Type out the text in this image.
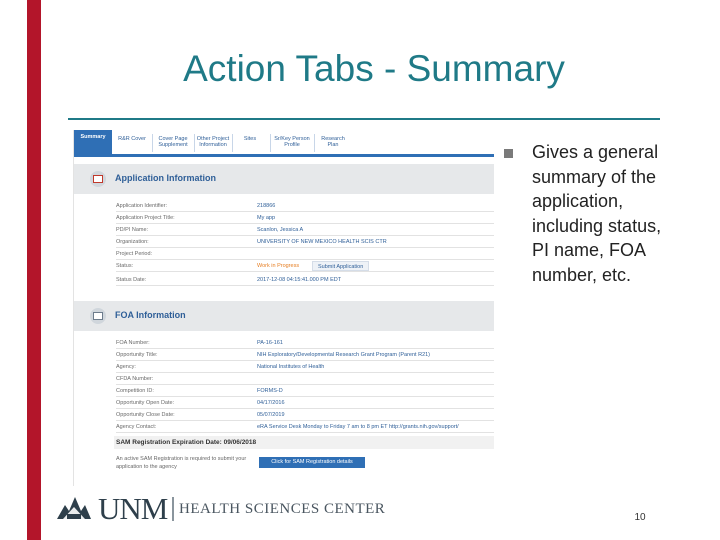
Action Tabs - Summary
Summary	R&R Cover	Cover Page Supplement
Other Project Information
Sites	Sr/Key Person Profile
Research Plan
Application Information
Application Identifier:	218866
Application Project Title:	My app
PD/PI Name:	Scanlon, Jessica A
Organization:	UNIVERSITY OF NEW MEXICO HEALTH SCIS CTR
Project Period:
Status:	Work in Progress	Submit Application
Status Date:	2017-12-08 04:15:41.000 PM EDT
FOA Information
FOA Number:	PA-16-161
Opportunity Title:	NIH Exploratory/Developmental Research Grant Program (Parent R21)
Agency:	National Institutes of Health
CFDA Number:
Competition ID:	FORMS-D
Opportunity Open Date:	04/17/2016
Opportunity Close Date:	05/07/2019
Agency Contact:	eRA Service Desk Monday to Friday 7 am to 8 pm ET http://grants.nih.gov/support/
SAM Registration Expiration Date: 09/06/2018
An active SAM Registration is required to submit your application to the agency
Click for SAM Registration details
Gives a general summary of the application, including status, PI name, FOA number, etc.
UNM HEALTH SCIENCES CENTER
10
